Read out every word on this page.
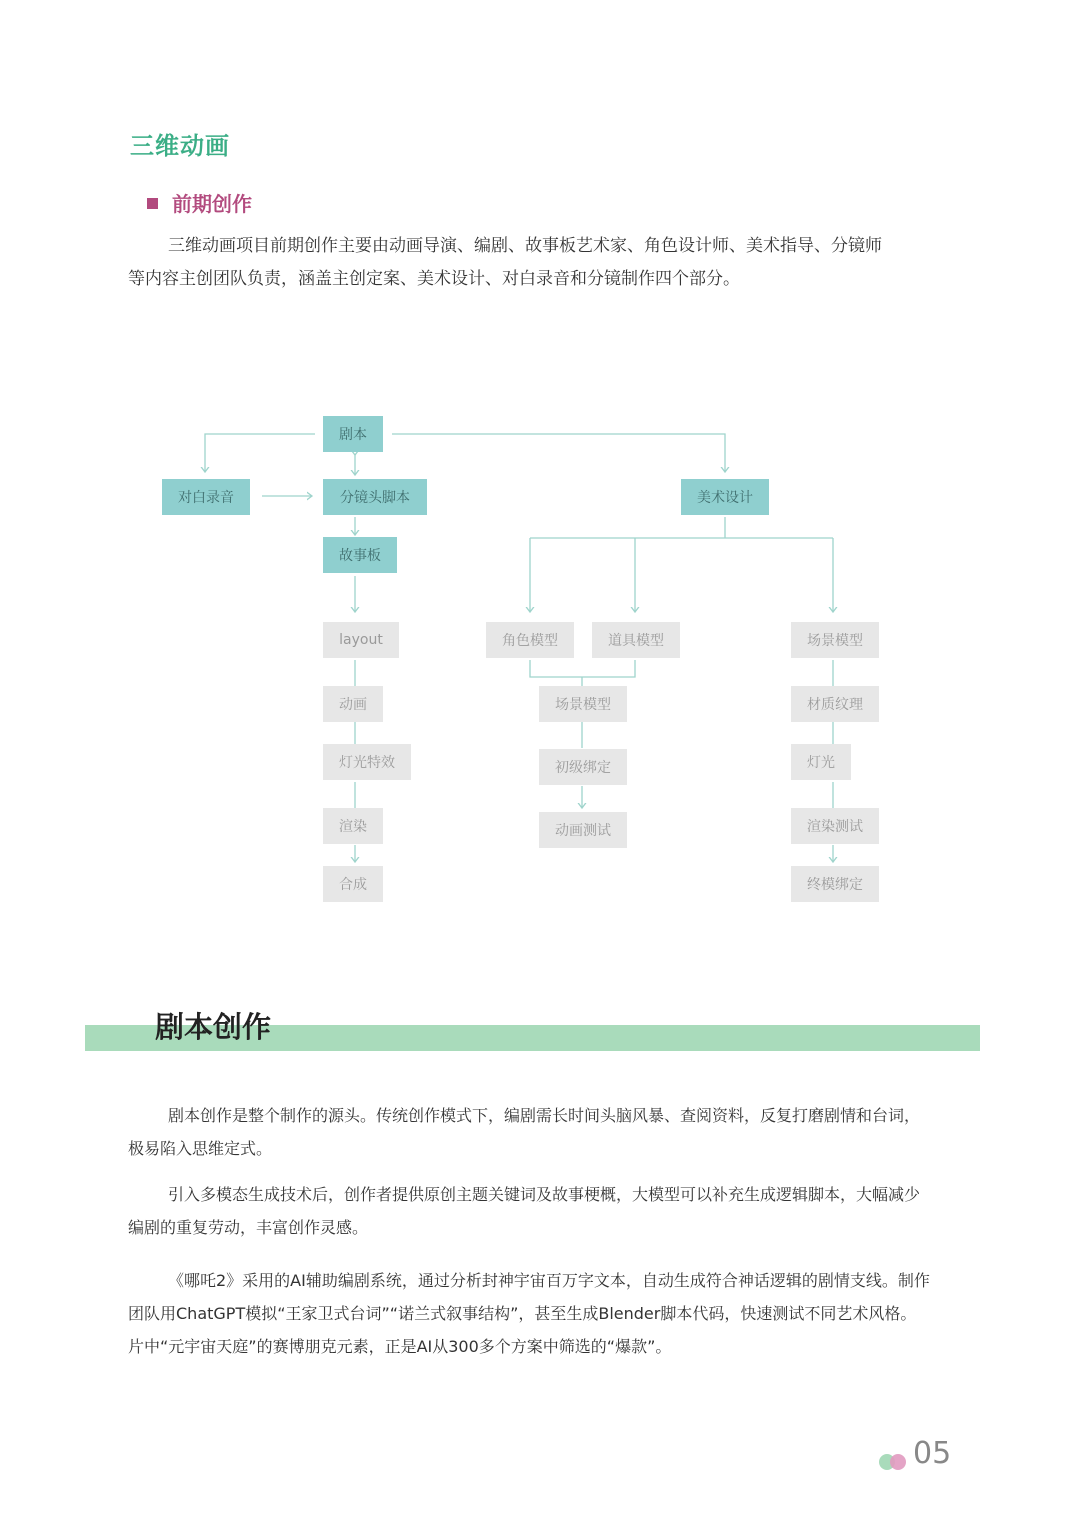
三维动画
前期创作
三维动画项目前期创作主要由动画导演、编剧、故事板艺术家、角色设计师、美术指导、分镜师
等内容主创团队负责，涵盖主创定案、美术设计、对白录音和分镜制作四个部分。
剧本
对白录音	分镜头脚本
故事板
美术设计
layout
动画
灯光特效
渲染
合成
角色模型	道具模型
场景模型
初级绑定
动画测试
场景模型
材质纹理
灯光
渲染测试
终模绑定
剧本创作
剧本创作是整个制作的源头。传统创作模式下，编剧需长时间头脑风暴、查阅资料，反复打磨剧情和台词，
极易陷入思维定式。
引入多模态生成技术后，创作者提供原创主题关键词及故事梗概，大模型可以补充生成逻辑脚本，大幅减少
编剧的重复劳动，丰富创作灵感。
《哪吒2》采用的AI辅助编剧系统，通过分析封神宇宙百万字文本，自动生成符合神话逻辑的剧情支线。制作
团队用ChatGPT模拟“王家卫式台词”“诺兰式叙事结构”，甚至生成Blender脚本代码，快速测试不同艺术风格。
片中“元宇宙天庭”的赛博朋克元素，正是AI从300多个方案中筛选的“爆款”。
05
